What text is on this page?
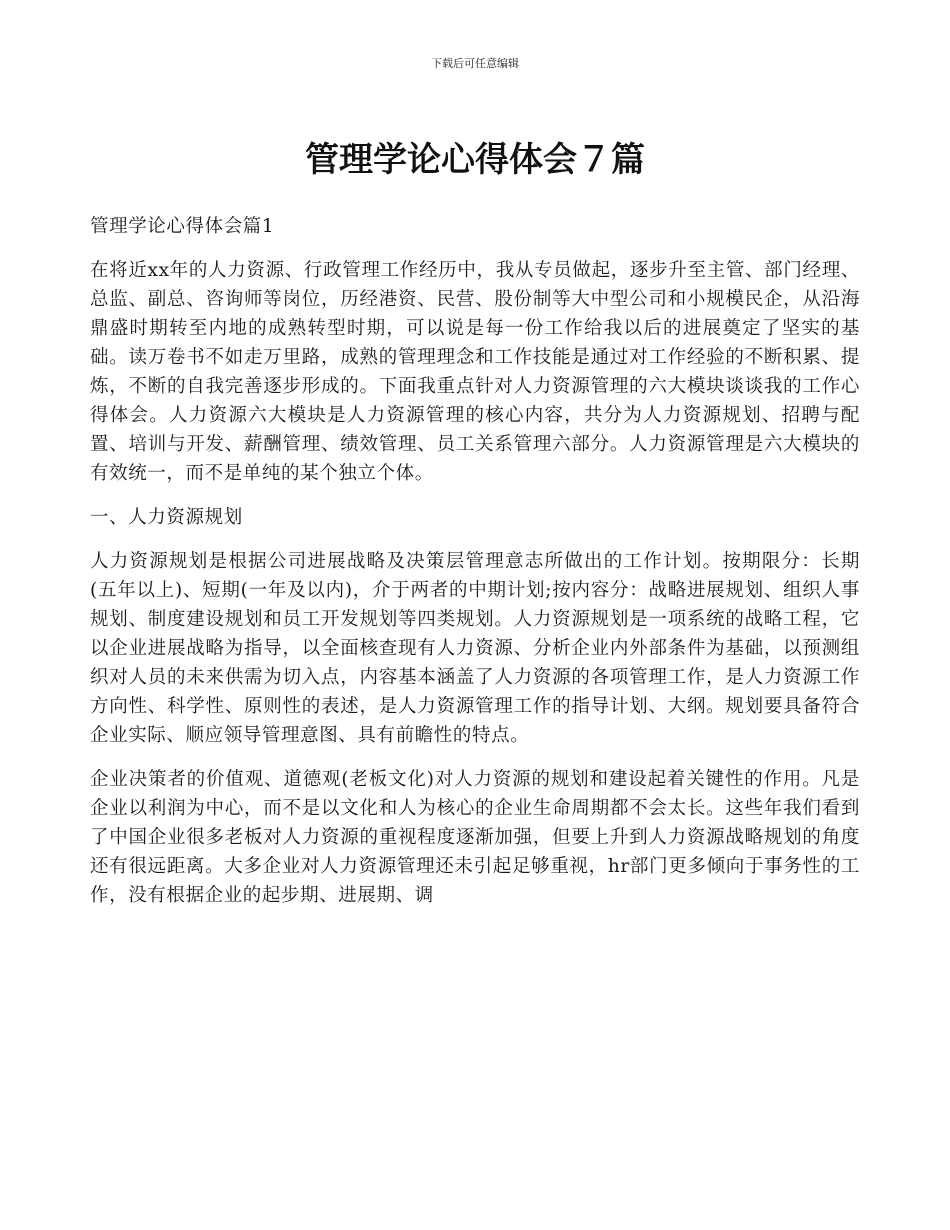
下载后可任意编辑
管理学论心得体会７篇

管理学论心得体会篇1

在将近xx年的人力资源、行政管理工作经历中，我从专员做起，逐步升至主管、部门经理、总监、副总、咨询师等岗位，历经港资、民营、股份制等大中型公司和小规模民企，从沿海鼎盛时期转至内地的成熟转型时期，可以说是每一份工作给我以后的进展奠定了坚实的基础。读万卷书不如走万里路，成熟的管理理念和工作技能是通过对工作经验的不断积累、提炼，不断的自我完善逐步形成的。下面我重点针对人力资源管理的六大模块谈谈我的工作心得体会。人力资源六大模块是人力资源管理的核心内容，共分为人力资源规划、招聘与配置、培训与开发、薪酬管理、绩效管理、员工关系管理六部分。人力资源管理是六大模块的有效统一，而不是单纯的某个独立个体。

一、人力资源规划

人力资源规划是根据公司进展战略及决策层管理意志所做出的工作计划。按期限分：长期(五年以上)、短期(一年及以内)，介于两者的中期计划;按内容分：战略进展规划、组织人事规划、制度建设规划和员工开发规划等四类规划。人力资源规划是一项系统的战略工程，它以企业进展战略为指导，以全面核查现有人力资源、分析企业内外部条件为基础，以预测组织对人员的未来供需为切入点，内容基本涵盖了人力资源的各项管理工作，是人力资源工作方向性、科学性、原则性的表述，是人力资源管理工作的指导计划、大纲。规划要具备符合企业实际、顺应领导管理意图、具有前瞻性的特点。

企业决策者的价值观、道德观(老板文化)对人力资源的规划和建设起着关键性的作用。凡是企业以利润为中心，而不是以文化和人为核心的企业生命周期都不会太长。这些年我们看到了中国企业很多老板对人力资源的重视程度逐渐加强，但要上升到人力资源战略规划的角度还有很远距离。大多企业对人力资源管理还未引起足够重视，hr部门更多倾向于事务性的工作，没有根据企业的起步期、进展期、调
